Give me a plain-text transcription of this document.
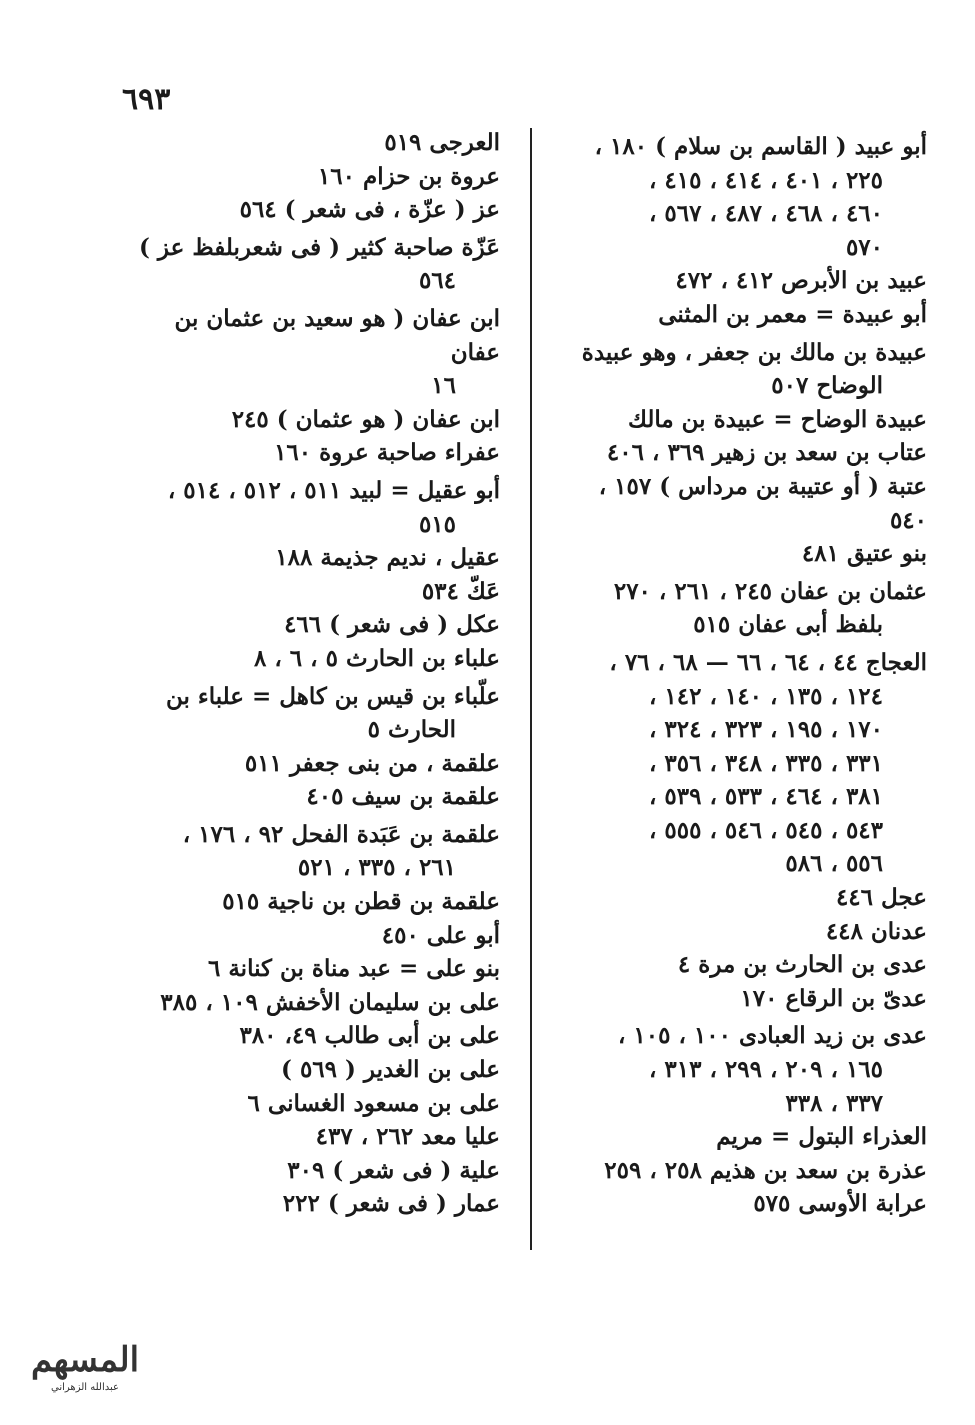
٦٩٣
أبو عبيد ( القاسم بن سلام ) ١٨٠ ،
٢٢٥ ، ٤٠١ ، ٤١٤ ، ٤١٥ ،
٤٦٠ ، ٤٦٨ ، ٤٨٧ ، ٥٦٧ ،
٥٧٠
عبيد بن الأبرص ٤١٢ ، ٤٧٢
أبو عبيدة = معمر بن المثنى
عبيدة بن مالك بن جعفر ، وهو عبيدة
الوضاح ٥٠٧
عبيدة الوضاح = عبيدة بن مالك
عتاب بن سعد بن زهير ٣٦٩ ، ٤٠٦
عتبة ( أو عتيبة بن مرداس ) ١٥٧ ، ٥٤٠
بنو عتيق ٤٨١
عثمان بن عفان ٢٤٥ ، ٢٦١ ، ٢٧٠
بلفظ أبى عفان ٥١٥
العجاج ٤٤ ، ٦٤ ، ٦٦ — ٦٨ ، ٧٦ ،
١٢٤ ، ١٣٥ ، ١٤٠ ، ١٤٢ ،
١٧٠ ، ١٩٥ ، ٣٢٣ ، ٣٢٤ ،
٣٣١ ، ٣٣٥ ، ٣٤٨ ، ٣٥٦ ،
٣٨١ ، ٤٦٤ ، ٥٣٣ ، ٥٣٩ ،
٥٤٣ ، ٥٤٥ ، ٥٤٦ ، ٥٥٥ ،
٥٥٦ ، ٥٨٦
عجل ٤٤٦
عدنان ٤٤٨
عدى بن الحارث بن مرة ٤
عدىّ بن الرقاع ١٧٠
عدى بن زيد العبادى ١٠٠ ، ١٠٥ ،
١٦٥ ، ٢٠٩ ، ٢٩٩ ، ٣١٣ ،
٣٣٧ ، ٣٣٨
العذراء البتول = مريم
عذرة بن سعد بن هذيم ٢٥٨ ، ٢٥٩
عرابة الأوسى ٥٧٥
العرجى ٥١٩
عروة بن حزام ١٦٠
عز ( عزّة ، فى شعر ) ٥٦٤
عَزّة صاحبة كثير ( فى شعربلفظ عز )
٥٦٤
ابن عفان ( هو سعيد بن عثمان بن عفان
١٦
ابن عفان ( هو عثمان ) ٢٤٥
عفراء صاحبة عروة ١٦٠
أبو عقيل = لبيد ٥١١ ، ٥١٢ ، ٥١٤ ،
٥١٥
عقيل ، نديم جذيمة ١٨٨
عَكّ ٥٣٤
عكل ( فى شعر ) ٤٦٦
علباء بن الحارث ٥ ، ٦ ، ٨
علّباء بن قيس بن كاهل = علباء بن
الحارث ٥
علقمة ، من بنى جعفر ٥١١
علقمة بن سيف ٤٠٥
علقمة بن عَبَدة الفحل ٩٢ ، ١٧٦ ،
٢٦١ ، ٣٣٥ ، ٥٢١
علقمة بن قطن بن ناجية ٥١٥
أبو على ٤٥٠
بنو على = عبد مناة بن كنانة ٦
على بن سليمان الأخفش ١٠٩ ، ٣٨٥
على بن أبى طالب ٤٩، ٣٨٠
على بن الغدير ( ٥٦٩ )
على بن مسعود الغسانى ٦
عليا معد ٢٦٢ ، ٤٣٧
علية ( فى شعر ) ٣٠٩
عمار ( فى شعر ) ٢٢٢
المسهم
عبدالله الزهراني
